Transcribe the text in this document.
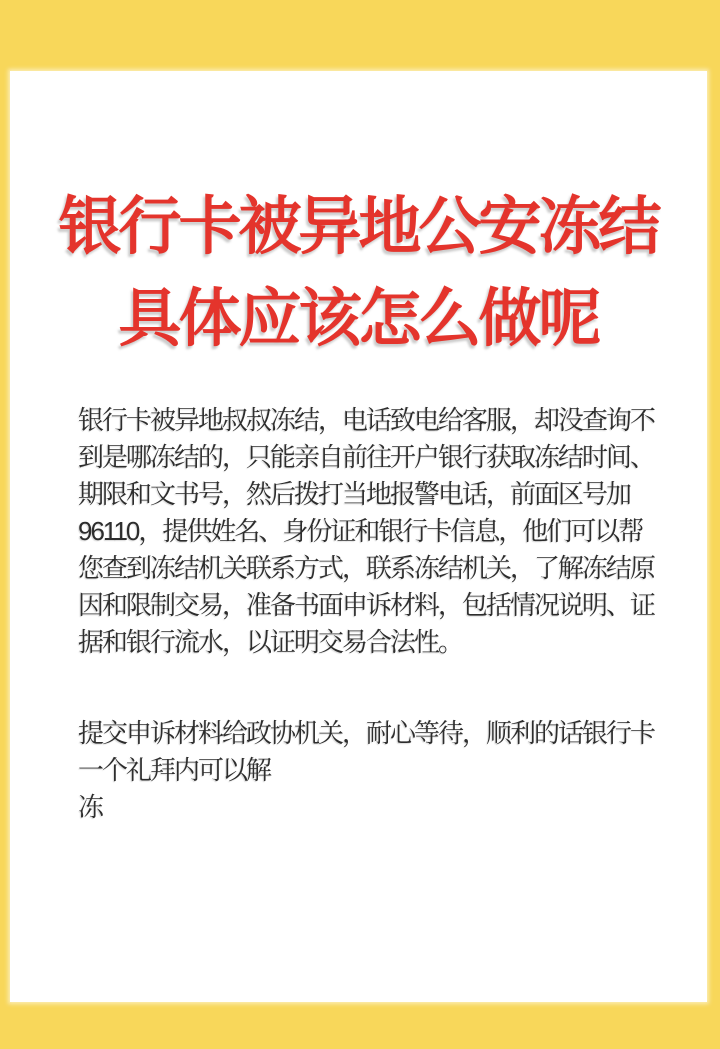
银行卡被异地公安冻结
具体应该怎么做呢
银行卡被异地叔叔冻结，电话致电给客服，却没查询不
到是哪冻结的，只能亲自前往开户银行获取冻结时间、
期限和文书号，然后拨打当地报警电话，前面区号加
96110，提供姓名、身份证和银行卡信息，他们可以帮
您查到冻结机关联系方式，联系冻结机关，了解冻结原
因和限制交易，准备书面申诉材料，包括情况说明、证
据和银行流水，以证明交易合法性。
提交申诉材料给政协机关，耐心等待，顺利的话银行卡
一个礼拜内可以解
冻
